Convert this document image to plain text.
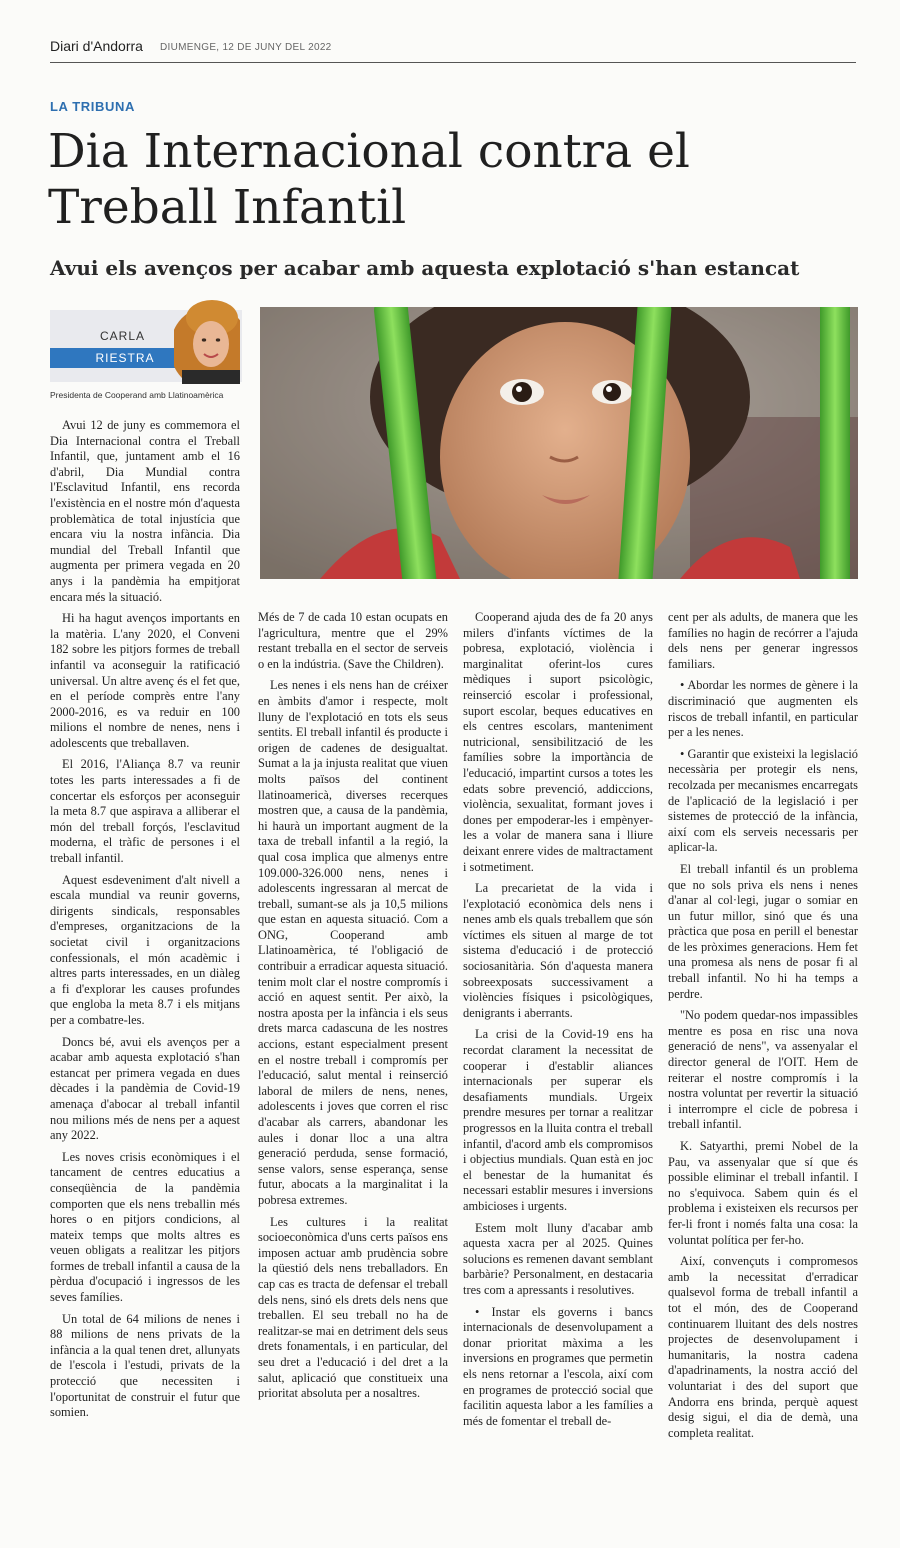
Diari d'Andorra DIUMENGE, 12 DE JUNY DEL 2022
LA TRIBUNA
Dia Internacional contra el Treball Infantil
Avui els avenços per acabar amb aquesta explotació s'han estancat
CARLA
RIESTRA
Presidenta de Cooperand amb Llatinoamèrica

Avui 12 de juny es commemora el Dia Internacional contra el Treball Infantil, que, juntament amb el 16 d'abril, Dia Mundial contra l'Esclavitud Infantil, ens recorda l'existència en el nostre món d'aquesta problemàtica de total injustícia que encara viu la nostra infància. Dia mundial del Treball Infantil que augmenta per primera vegada en 20 anys i la pandèmia ha empitjorat encara més la situació.

Hi ha hagut avenços importants en la matèria. L'any 2020, el Conveni 182 sobre les pitjors formes de treball infantil va aconseguir la ratificació universal. Un altre avenç és el fet que, en el període comprès entre l'any 2000-2016, es va reduir en 100 milions el nombre de nenes, nens i adolescents que treballaven.

El 2016, l'Aliança 8.7 va reunir totes les parts interessades a fi de concertar els esforços per aconseguir la meta 8.7 que aspirava a alliberar el món del treball forçós, l'esclavitud moderna, el tràfic de persones i el treball infantil.

Aquest esdeveniment d'alt nivell a escala mundial va reunir governs, dirigents sindicals, responsables d'empreses, organitzacions de la societat civil i organitzacions confessionals, el món acadèmic i altres parts interessades, en un diàleg a fi d'explorar les causes profundes que engloba la meta 8.7 i els mitjans per a combatre-les.

Doncs bé, avui els avenços per a acabar amb aquesta explotació s'han estancat per primera vegada en dues dècades i la pandèmia de Covid-19 amenaça d'abocar al treball infantil nou milions més de nens per a aquest any 2022.

Les noves crisis econòmiques i el tancament de centres educatius a conseqüència de la pandèmia comporten que els nens treballin més hores o en pitjors condicions, al mateix temps que molts altres es veuen obligats a realitzar les pitjors formes de treball infantil a causa de la pèrdua d'ocupació i ingressos de les seves famílies.

Un total de 64 milions de nenes i 88 milions de nens privats de la infància a la qual tenen dret, allunyats de l'escola i l'estudi, privats de la protecció que necessiten i l'oportunitat de construir el futur que somien.

Més de 7 de cada 10 estan ocupats en l'agricultura, mentre que el 29% restant treballa en el sector de serveis o en la indústria. (Save the Children).

Les nenes i els nens han de créixer en àmbits d'amor i respecte, molt lluny de l'explotació en tots els seus sentits. El treball infantil és producte i origen de cadenes de desigualtat. Sumat a la ja injusta realitat que viuen molts països del continent llatinoamericà, diverses recerques mostren que, a causa de la pandèmia, hi haurà un important augment de la taxa de treball infantil a la regió, la qual cosa implica que almenys entre 109.000-326.000 nens, nenes i adolescents ingressaran al mercat de treball, sumant-se als ja 10,5 milions que estan en aquesta situació. Com a ONG, Cooperand amb Llatinoamèrica, té l'obligació de contribuir a erradicar aquesta situació. tenim molt clar el nostre compromís i acció en aquest sentit. Per això, la nostra aposta per la infància i els seus drets marca cadascuna de les nostres accions, estant especialment present en el nostre treball i compromís per l'educació, salut mental i reinserció laboral de milers de nens, nenes, adolescents i joves que corren el risc d'acabar als carrers, abandonar les aules i donar lloc a una altra generació perduda, sense formació, sense valors, sense esperança, sense futur, abocats a la marginalitat i la pobresa extremes.

Les cultures i la realitat socioeconòmica d'uns certs països ens imposen actuar amb prudència sobre la qüestió dels nens treballadors. En cap cas es tracta de defensar el treball dels nens, sinó els drets dels nens que treballen. El seu treball no ha de realitzar-se mai en detriment dels seus drets fonamentals, i en particular, del seu dret a l'educació i del dret a la salut, aplicació que constitueix una prioritat absoluta per a nosaltres.

Cooperand ajuda des de fa 20 anys milers d'infants víctimes de la pobresa, explotació, violència i marginalitat oferint-los cures mèdiques i suport psicològic, reinserció escolar i professional, suport escolar, beques educatives en els centres escolars, manteniment nutricional, sensibilització de les famílies sobre la importància de l'educació, impartint cursos a totes les edats sobre prevenció, addiccions, violència, sexualitat, formant joves i dones per empoderar-les i empènyer-les a volar de manera sana i lliure deixant enrere vides de maltractament i sotmetiment.

La precarietat de la vida i l'explotació econòmica dels nens i nenes amb els quals treballem que són víctimes els situen al marge de tot sistema d'educació i de protecció sociosanitària. Són d'aquesta manera sobreexposats successivament a violències físiques i psicològiques, denigrants i aberrants.

La crisi de la Covid-19 ens ha recordat clarament la necessitat de cooperar i d'establir aliances internacionals per superar els desafiaments mundials. Urgeix prendre mesures per tornar a realitzar progressos en la lluita contra el treball infantil, d'acord amb els compromisos i objectius mundials. Quan està en joc el benestar de la humanitat és necessari establir mesures i inversions ambicioses i urgents.

Estem molt lluny d'acabar amb aquesta xacra per al 2025. Quines solucions es remenen davant semblant barbàrie? Personalment, en destacaria tres com a apressants i resolutives.

• Instar els governs i bancs internacionals de desenvolupament a donar prioritat màxima a les inversions en programes que permetin els nens retornar a l'escola, així com en programes de protecció social que facilitin aquesta labor a les famílies a més de fomentar el treball de-

cent per als adults, de manera que les famílies no hagin de recórrer a l'ajuda dels nens per generar ingressos familiars.

• Abordar les normes de gènere i la discriminació que augmenten els riscos de treball infantil, en particular per a les nenes.

• Garantir que existeixi la legislació necessària per protegir els nens, recolzada per mecanismes encarregats de l'aplicació de la legislació i per sistemes de protecció de la infància, així com els serveis necessaris per aplicar-la.

El treball infantil és un problema que no sols priva els nens i nenes d'anar al col·legi, jugar o somiar en un futur millor, sinó que és una pràctica que posa en perill el benestar de les pròximes generacions. Hem fet una promesa als nens de posar fi al treball infantil. No hi ha temps a perdre.

"No podem quedar-nos impassibles mentre es posa en risc una nova generació de nens", va assenyalar el director general de l'OIT. Hem de reiterar el nostre compromís i la nostra voluntat per revertir la situació i interrompre el cicle de pobresa i treball infantil.

K. Satyarthi, premi Nobel de la Pau, va assenyalar que sí que és possible eliminar el treball infantil. I no s'equivoca. Sabem quin és el problema i existeixen els recursos per fer-li front i només falta una cosa: la voluntat política per fer-ho.

Així, convençuts i compromesos amb la necessitat d'erradicar qualsevol forma de treball infantil a tot el món, des de Cooperand continuarem lluitant des dels nostres projectes de desenvolupament i humanitaris, la nostra cadena d'apadrinaments, la nostra acció del voluntariat i des del suport que Andorra ens brinda, perquè aquest desig sigui, el dia de demà, una completa realitat.
